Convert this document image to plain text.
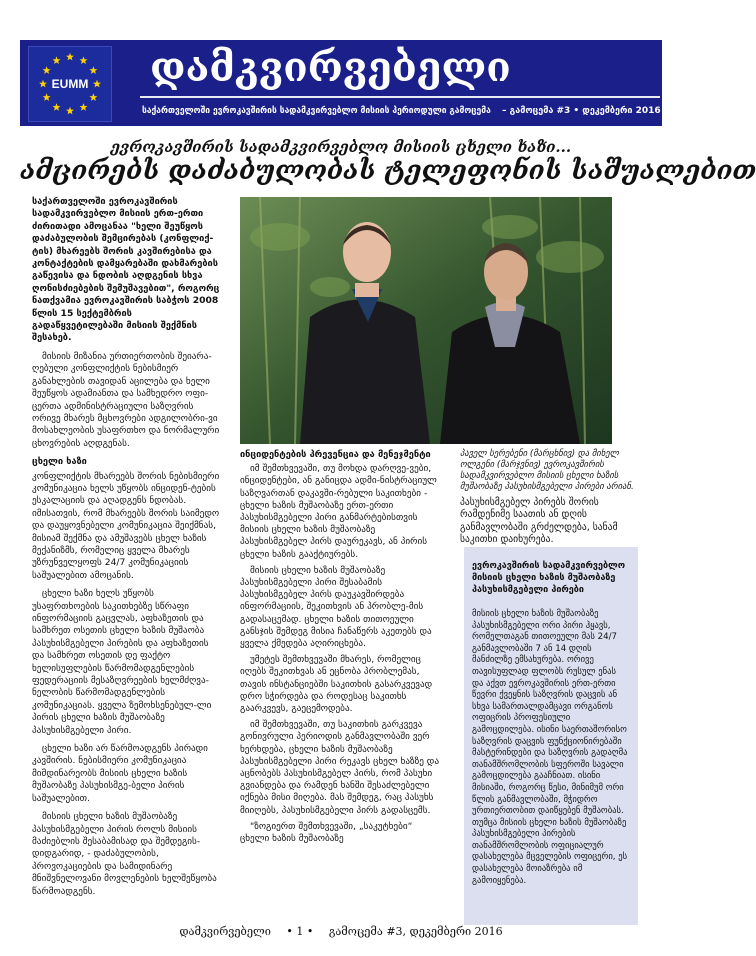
EUMM	დამკვირვებელი
საქართველოში ევროკავშირის სადამკვირვებლო მისიის პერიოდული გამოცემა – გამოცემა #3 • დეკემბერი 2016
ევროკავშირის სადამკვირვებლო მისიის ცხელი ხაზი...
ამცირებს დაძაბულობას ტელეფონის საშუალებით

საქართველოში ევროკავშირის სადამკვირვებლო მისიის ერთ-ერთი ძირითადი ამოცანაა "ხელი შეუწყოს დაძაბულობის შემცირებას (კონფლიქ-ტის) მხარეებს შორის კავშირებისა და კონტაქტების დამყარებაში დახმარების გაწევისა და ნდობის აღდგენის სხვა ღონისძიებების შემუშავებით", როგორც ნათქვამია ევროკავშირის საბჭოს 2008 წლის 15 სექტემბრის გადაწყვეტილებაში მისიის შექმნის შესახებ.

მისიის მიზანია ურთიერთობის შეიარა-ღებული კონფლიქტის ნებისმიერ განახლების თავიდან აცილება და ხელი შეუწყოს ადამიანთა და სამხედრო ოფი-ცერთა ადმინისტრაციული საზღვრის ორივე მხარეს მცხოვრები ადგილობრი-ვი მოსახლეობის უსაფრთხო და ნორმალური ცხოვრების აღდგენას.

ცხელი ხაზი

კონფლიქტის მხარეებს შორის ნებისმიერი კომუნიკაცია ხელს უწყობს ინციდენ-ტების ესკალაციის და აღადგენს ნდობას. იმისათვის, რომ მხარეებს შორის საიმედო და დაუყოვნებელი კომუნიკაცია შეიქმნას, მისიამ შექმნა და ამუშავებს ცხელ ხაზის მექანიზმს, რომელიც ყველა მხარეს უზრუნველყოფს 24/7 კომუნიკაციის საშუალებით ამოცანის.

ცხელი ხაზი ხელს უწყობს უსაფრთხოების საკითხებზე სწრაფი ინფორმაციის გაცვლას, აფხაზეთის და სამხრეთ ოსეთის ცხელი ხაზის მუშაობა პასუხისმგებელი პირების და აფხაზეთის და სამხრეთ ოსეთის დე ფაქტო ხელისუფლების წარმომადგენლების ფედერაციის მესაზღვრეების ხელმძღვა-ნელობის წარმომადგენლების კომუნიკაციას. ყველა ზემოხსენებულ-ლი პირის ცხელი ხაზის მუშაობაზე პასუხისმგებელი პირი.

ცხელი ხაზი არ წარმოადგენს პირადი კავშირის. ნებისმიერი კომუნიკაცია მიმდინარეობს მისიის ცხელი ხაზის მუშაობაზე პასუხისმგე-ბელი პირის საშუალებით.

მისიის ცხელი ხაზის მუშაობაზე პასუხისმგებელი პირის როლს მისიის მაძიებლის შესაბამისად და შემდეგის-დიდგარიდ, - დაძაბულობის, პროვოკაციების და სამიდინარე მნიშვნელოვანი მოვლენების ხელშეწყობა წარმოადგენს.

პაველ სერებენი (მარცხნივ) და მიხელ ოლგენი (მარჯვნივ) ევროკავშირის სადამკვირვებლო მისიის ცხელი ხაზის მუშაობაზე პასუხისმგებელი პირები არიან.
ინციდენტების პრევენცია და მენეჯმენტი

იმ შემთხვევაში, თუ მოხდა დარღვე-ვები, ინციდენტები, ან განიცდა ადმი-ნისტრაციულ საზღვართან დაკავში-რებული საკითხები - ცხელი ხაზის მუშაობაზე ერთ-ერთი პასუხისმგებელი პირი განმარტებისთვის მისიის ცხელი ხაზის მუშაობაზე პასუხისმგებელ პირს დაურეკავს, ან პირის ცხელი ხაზის გააქტიურებს.

მისიის ცხელი ხაზის მუშაობაზე პასუხისმგებელი პირი შესაბამის პასუხისმგებელ პირს დაუკავშირდება ინფორმაციის, შეკითხვის ან პრობლე-მის გადასაცემად. ცხელი ხაზის თითოეული განსჯის შემდეგ მისია ჩანაწერს აკეთებს და ყველა ქმედება აღირიცხება.

უმეტეს შემთხვევაში მხარეს, რომელიც იღებს შეკითხვას ან ეცნობა პრობლემას, თავის ინსტანციებში საკითხის გასარკვევად დრო სჭირდება და როდესაც საკითხს გაარკვევს, გაეცემოდება.

იმ შემთხვევაში, თუ საკითხის გარკვევა გონივრული პერიოდის განმავლობაში ვერ ხერხდება, ცხელი ხაზის მუშაობაზე პასუხისმგებელი პირი რეკავს ცხელ ხაზზე და აცნობებს პასუხისმგებელ პირს, რომ პასუხი გვიანდება და რამდენ ხანში შესაძლებელი იქნება მისი მიღება. მას შემდეგ, რაც პასუხს მიიღებს, პასუხისმგებელი პირს გადასცემს.

"ზოგიერთ შემთხვევაში, „საკუტხები“ ცხელი ხაზის მუშაობაზე

პასუხისმგებელ პირებს შორის რამდენიმე საათის ან დღის განმავლობაში გრძელდება, სანამ საკითხი დაიხურება.
ევროკავშირის სადამკვირვებლო მისიის ცხელი ხაზის მუშაობაზე პასუხისმგებელი პირები
მისიის ცხელი ხაზის მუშაობაზე პასუხისმგებელი ორი პირი ჰყავს, რომელთაგან თითოეული მას 24/7 განმავლობაში 7 ან 14 დღის მანძილზე ემსახურება. ორივე თავისუფლად ფლობს რუსულ ენას და აქვთ ევროკავშირის ერთ-ერთი წევრი ქვეყნის საზღვრის დაცვის ან სხვა სამართალდამცავი ორგანოს ოფიცრის პროფესიული გამოცდილება. ისინი საერთაშორისო საზღვრის დაცვის ფუნქციონირებაში მასტერინდები და საზღვრის გადაღმა თანამშრომლობის სფეროში სავალი გამოცდილება გააჩნიათ. ისინი მისიაში, როგორც წესი, მინიმუმ ორი წლის განმავლობაში, მჭიდრო ურთიერთობით დაიწყებენ მუშაობას. თუმცა მისიის ცხელი ხაზის მუშაობაზე პასუხისმგებელი პირების თანამშრომლობის ოფიციალურ დასახელება მცველების ოფიცერი, ეს დასახელება მოიაზრება იმ გამოიყენება.
დამკვირვებელი • 1 • გამოცემა #3, დეკემბერი 2016
